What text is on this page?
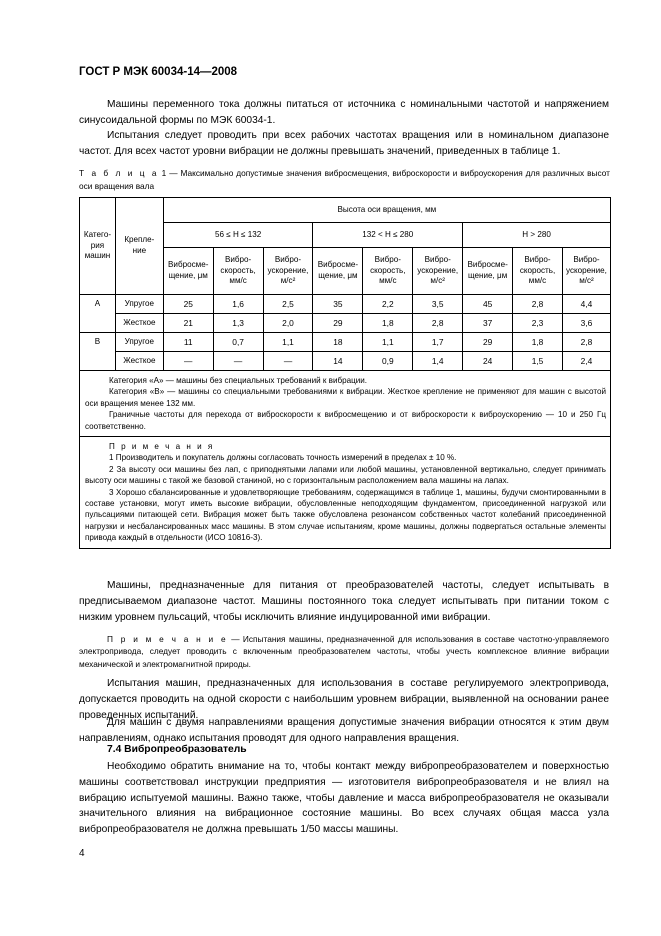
ГОСТ Р МЭК 60034-14—2008

Машины переменного тока должны питаться от источника с номинальными частотой и напряжением синусоидальной формы по МЭК 60034-1.

Испытания следует проводить при всех рабочих частотах вращения или в номинальном диапазоне частот. Для всех частот уровни вибрации не должны превышать значений, приведенных в таблице 1.

Т а б л и ц а 1 — Максимально допустимые значения виброcмещения, виброскорости и виброускорения для различных высот оси вращения вала

Катего-рия машин	Крепле-ние	Высота оси вращения, мм								
		56 ≤ H ≤ 132			132 < H ≤ 280			H > 280		
		Виброcме-щение, μм	Вибро-скорость, мм/с	Вибро-ускорение, м/с²	Виброcме-щение, μм	Вибро-скорость, мм/с	Вибро-ускорение, м/с²	Виброcме-щение, μм	Вибро-скорость, мм/с	Вибро-ускорение, м/с²
A	Упругое	25	1,6	2,5	35	2,2	3,5	45	2,8	4,4
	Жесткое	21	1,3	2,0	29	1,8	2,8	37	2,3	3,6
B	Упругое	11	0,7	1,1	18	1,1	1,7	29	1,8	2,8
	Жесткое	—	—	—	14	0,9	1,4	24	1,5	2,4

Категория «А» — машины без специальных требований к вибрации.
Категория «В» — машины со специальными требованиями к вибрации. Жесткое крепление не применяют для машин с высотой оси вращения менее 132 мм.
Граничные частоты для перехода от виброскорости к виброcмещению и от виброскорости к виброускорению — 10 и 250 Гц соответственно.										

П р и м е ч а н и я
1 Производитель и покупатель должны согласовать точность измерений в пределах ± 10 %.
2 За высоту оси машины без лап, с приподнятыми лапами или любой машины, установленной вертикально, следует принимать высоту оси машины с такой же базовой станиной, но с горизонтальным расположением вала машины на лапах.
3 Хорошо сбалансированные и удовлетворяющие требованиям, содержащимся в таблице 1, машины, будучи смонтированными в составе установки, могут иметь высокие вибрации, обусловленные неподходящим фундаментом, присоединенной нагрузкой или пульсациями питающей сети. Вибрация может быть также обусловлена резонансом собственных частот колебаний присоединенной нагрузки и несбалансированных масс машины. В этом случае испытаниям, кроме машины, должны подвергаться остальные элементы привода каждый в отдельности (ИСО 10816-3).										

Машины, предназначенные для питания от преобразователей частоты, следует испытывать в предписываемом диапазоне частот. Машины постоянного тока следует испытывать при питании током с низким уровнем пульсаций, чтобы исключить влияние индуцированной ими вибрации.

П р и м е ч а н и е — Испытания машины, предназначенной для использования в составе частотно-управляемого электропривода, следует проводить с включенным преобразователем частоты, чтобы учесть комплексное влияние вибрации механической и электромагнитной природы.

Испытания машин, предназначенных для использования в составе регулируемого электропривода, допускается проводить на одной скорости с наибольшим уровнем вибрации, выявленной на основании ранее проведенных испытаний.

Для машин с двумя направлениями вращения допустимые значения вибрации относятся к этим двум направлениям, однако испытания проводят для одного направления вращения.

7.4 Вибропреобразователь

Необходимо обратить внимание на то, чтобы контакт между вибропреобразователем и поверхностью машины соответствовал инструкции предприятия — изготовителя вибропреобразователя и не влиял на вибрацию испытуемой машины. Важно также, чтобы давление и масса вибропреобразователя не оказывали значительного влияния на вибрационное состояние машины. Во всех случаях общая масса узла вибропреобразователя не должна превышать 1/50 массы машины.

4
